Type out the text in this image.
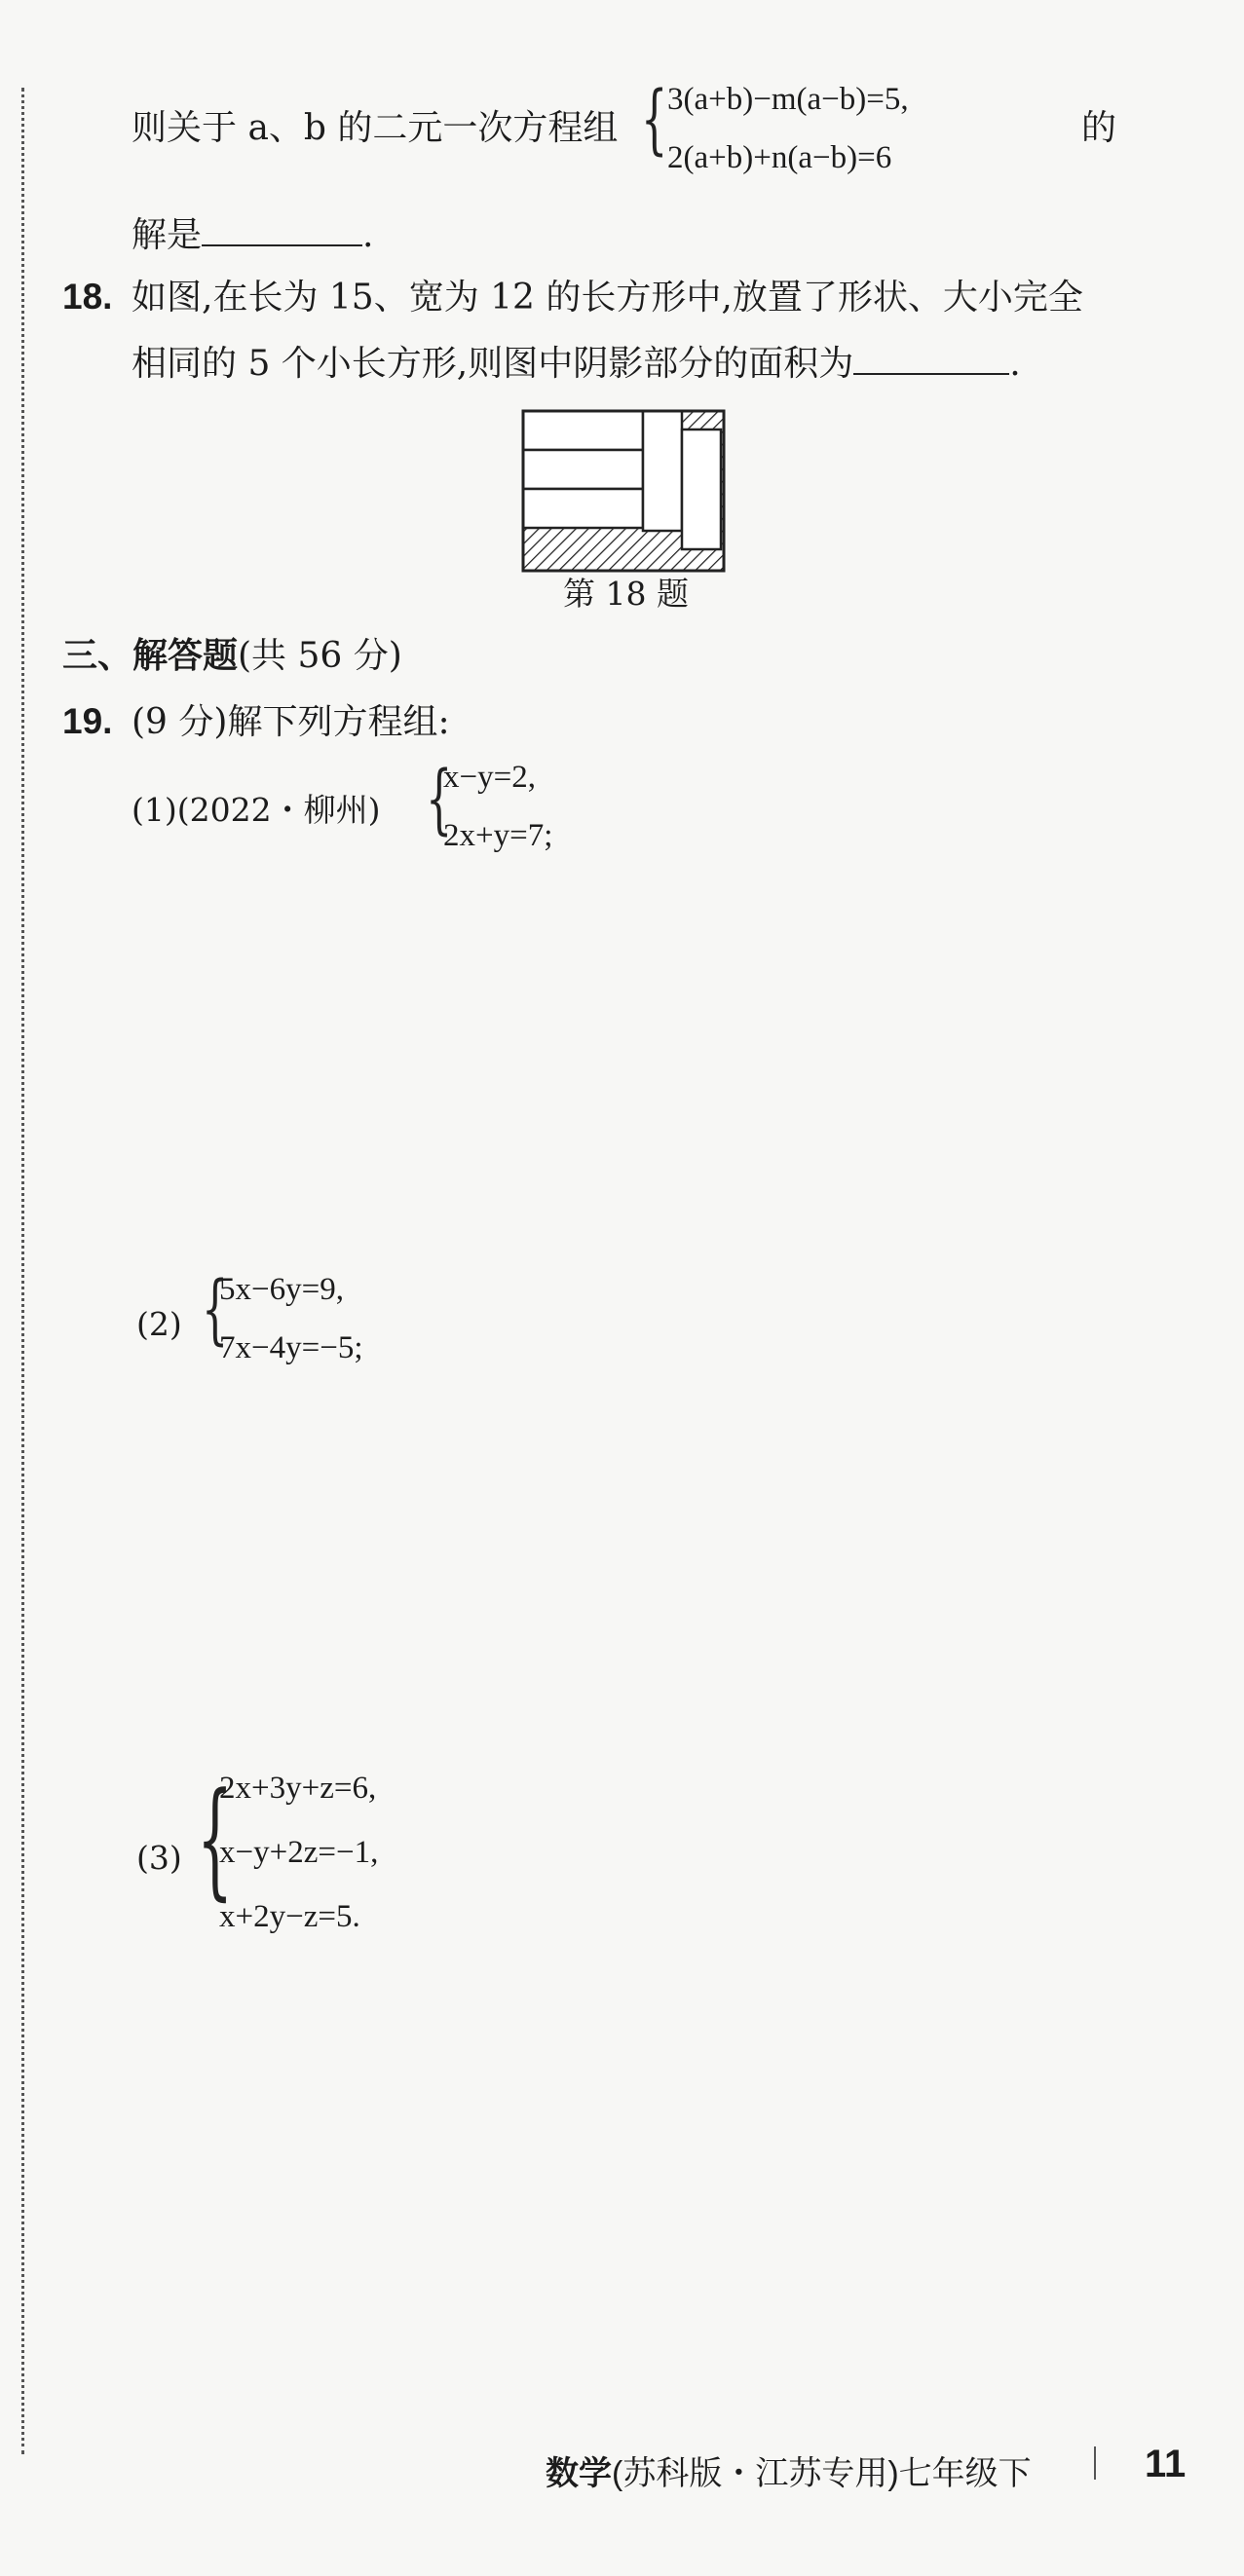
则关于 a、b 的二元一次方程组 { 3(a+b)−m(a−b)=5,
2(a+b)+n(a−b)=6
的
解是	.
18. 如图,在长为 15、宽为 12 的长方形中,放置了形状、大小完全
相同的 5 个小长方形,则图中阴影部分的面积为	.
第 18 题
三、解答题(共 56 分)
19. (9 分)解下列方程组:
(1)(2022・柳州) {
x−y=2,
2x+y=7;
(2) {
5x−6y=9,
7x−4y=−5;
(3) {
2x+3y+z=6,
x−y+2z=−1,
x+2y−z=5.
数学(苏科版・江苏专用)七年级下	11
